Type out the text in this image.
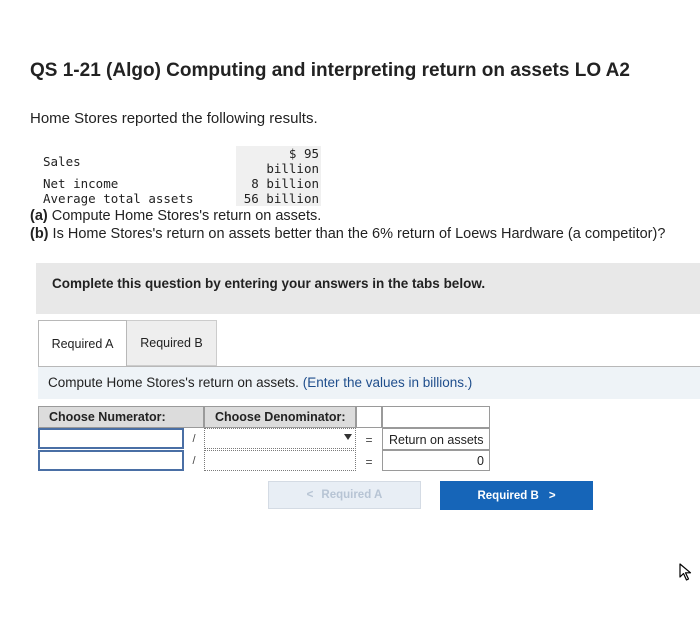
QS 1-21 (Algo) Computing and interpreting return on assets LO A2
Home Stores reported the following results.
Sales	$ 95 billion
Net income	8 billion
Average total assets	56 billion
(a) Compute Home Stores's return on assets.
(b) Is Home Stores's return on assets better than the 6% return of Loews Hardware (a competitor)?
Complete this question by entering your answers in the tabs below.
Required A Required B
Compute Home Stores's return on assets. (Enter the values in billions.)
Choose Numerator:	Choose Denominator:
/	=	Return on assets
/	=	0
< Required A	Required B >
